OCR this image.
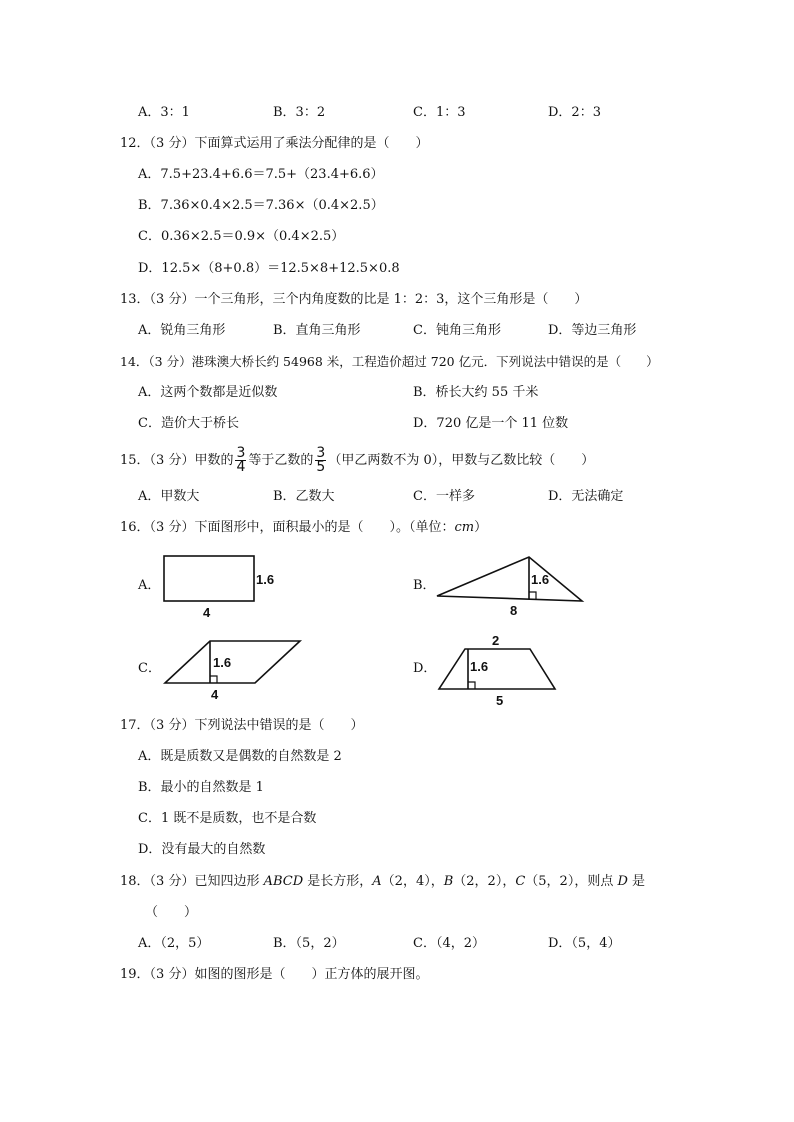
A．3：1	B．3：2	C．1：3	D．2：3
12．（3 分）下面算式运用了乘法分配律的是（　　）
A．7.5+23.4+6.6＝7.5+（23.4+6.6）
B．7.36×0.4×2.5＝7.36×（0.4×2.5）
C．0.36×2.5＝0.9×（0.4×2.5）
D．12.5×（8+0.8）＝12.5×8+12.5×0.8
13．（3 分）一个三角形，三个内角度数的比是 1：2：3，这个三角形是（　　）
A．锐角三角形	B．直角三角形	C．钝角三角形	D．等边三角形
14．（3 分）港珠澳大桥长约 54968 米，工程造价超过 720 亿元．下列说法中错误的是（　　）
A．这两个数都是近似数	B．桥长大约 55 千米
C．造价大于桥长	D．720 亿是一个 11 位数
15．（3 分）甲数的 $\frac{3}{4}$ 等于乙数的 $\frac{3}{5}$ （甲乙两数不为 0），甲数与乙数比较（　　）
A．甲数大	B．乙数大	C．一样多	D．无法确定
16．（3 分）下面图形中，面积最小的是（　　）。（单位：cm）
A．	1.6
4
B．	1.6
8
C．	1.6
4
D．
2
1.6
5
17．（3 分）下列说法中错误的是（　　）
A．既是质数又是偶数的自然数是 2
B．最小的自然数是 1
C．1 既不是质数，也不是合数
D．没有最大的自然数
18．（3 分）已知四边形 ABCD 是长方形，A（2，4），B（2，2），C（5，2），则点 D 是
（　　）
A．（2，5）	B．（5，2）	C．（4，2）	D．（5，4）
19．（3 分）如图的图形是（　　）正方体的展开图。
